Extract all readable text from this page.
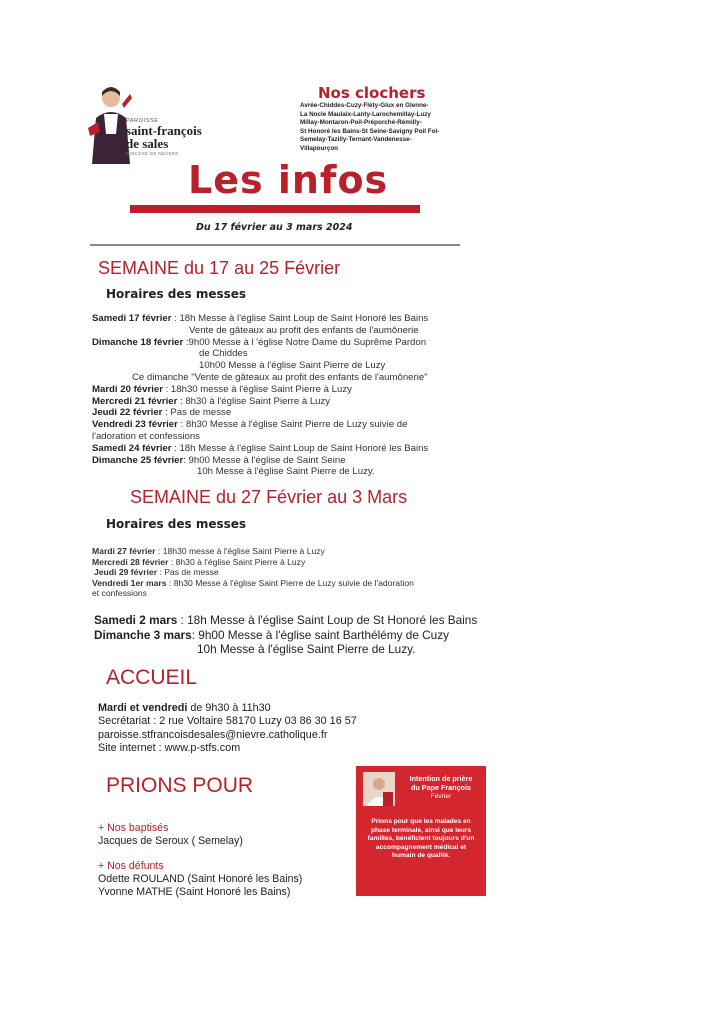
PAROISSE
saint-françois
de sales
DIOCÈSE DE NEVERS
Nos clochers
Avrée-Chiddes-Cuzy-Fléty-Glux en Glenne-
La Nocle Maulaix-Lanty-Larochemillay-Luzy
Millay-Montaron-Poil-Préporché-Rémilly-
St Honoré les Bains-St Seine-Savigny Poil Fol-
Semelay-Tazilly-Ternant-Vandenesse-
Villapourçon
Les infos
Du 17 février au 3 mars 2024
SEMAINE du 17 au 25 Février
Horaires des messes
Samedi 17 février : 18h Messe à l'église Saint Loup de Saint Honoré les Bains
Vente de gâteaux au profit des enfants de l'aumônerie
Dimanche 18 février :9h00 Messe à l 'église Notre Dame du Suprême Pardon
de Chiddes
10h00 Messe à l'église Saint Pierre de Luzy
Ce dimanche "Vente de gâteaux au profit des enfants de l'aumônerie"
Mardi 20 février : 18h30 messe à l'église Saint Pierre à Luzy
Mercredi 21 février : 8h30 à l'église Saint Pierre à Luzy
Jeudi 22 février : Pas de messe
Vendredi 23 février : 8h30 Messe à l'église Saint Pierre de Luzy suivie de
l'adoration et confessions
Samedi 24 février : 18h Messe à l'église Saint Loup de Saint Honoré les Bains
Dimanche 25 février: 9h00 Messe à l'église de Saint Seine
10h Messe à l'église Saint Pierre de Luzy.
SEMAINE du 27 Février au 3 Mars
Horaires des messes
Mardi 27 février : 18h30 messe à l'église Saint Pierre à Luzy
Mercredi 28 février : 8h30 à l'église Saint Pierre à Luzy
Jeudi 29 février : Pas de messe
Vendredi 1er mars : 8h30 Messe à l'église Saint Pierre de Luzy suivie de l'adoration
et confessions
Samedi 2 mars : 18h Messe à l'église Saint Loup de St Honoré les Bains
Dimanche 3 mars: 9h00 Messe à l'église saint Barthélémy de Cuzy
10h Messe à l'église Saint Pierre de Luzy.
ACCUEIL
Mardi et vendredi de 9h30 à 11h30
Secrétariat : 2 rue Voltaire 58170 Luzy 03 86 30 16 57
paroisse.stfrancoisdesales@nievre.catholique.fr
Site internet : www.p-stfs.com
PRIONS POUR
+ Nos baptisés
Jacques de Seroux ( Semelay)
+ Nos défunts
Odette ROULAND (Saint Honoré les Bains)
Yvonne MATHE (Saint Honoré les Bains)
Intention de prière
du Pape François
Février
Prions pour que les malades en phase terminale, ainsi que leurs familles, bénéficient toujours d'un accompagnement médical et humain de qualité.
